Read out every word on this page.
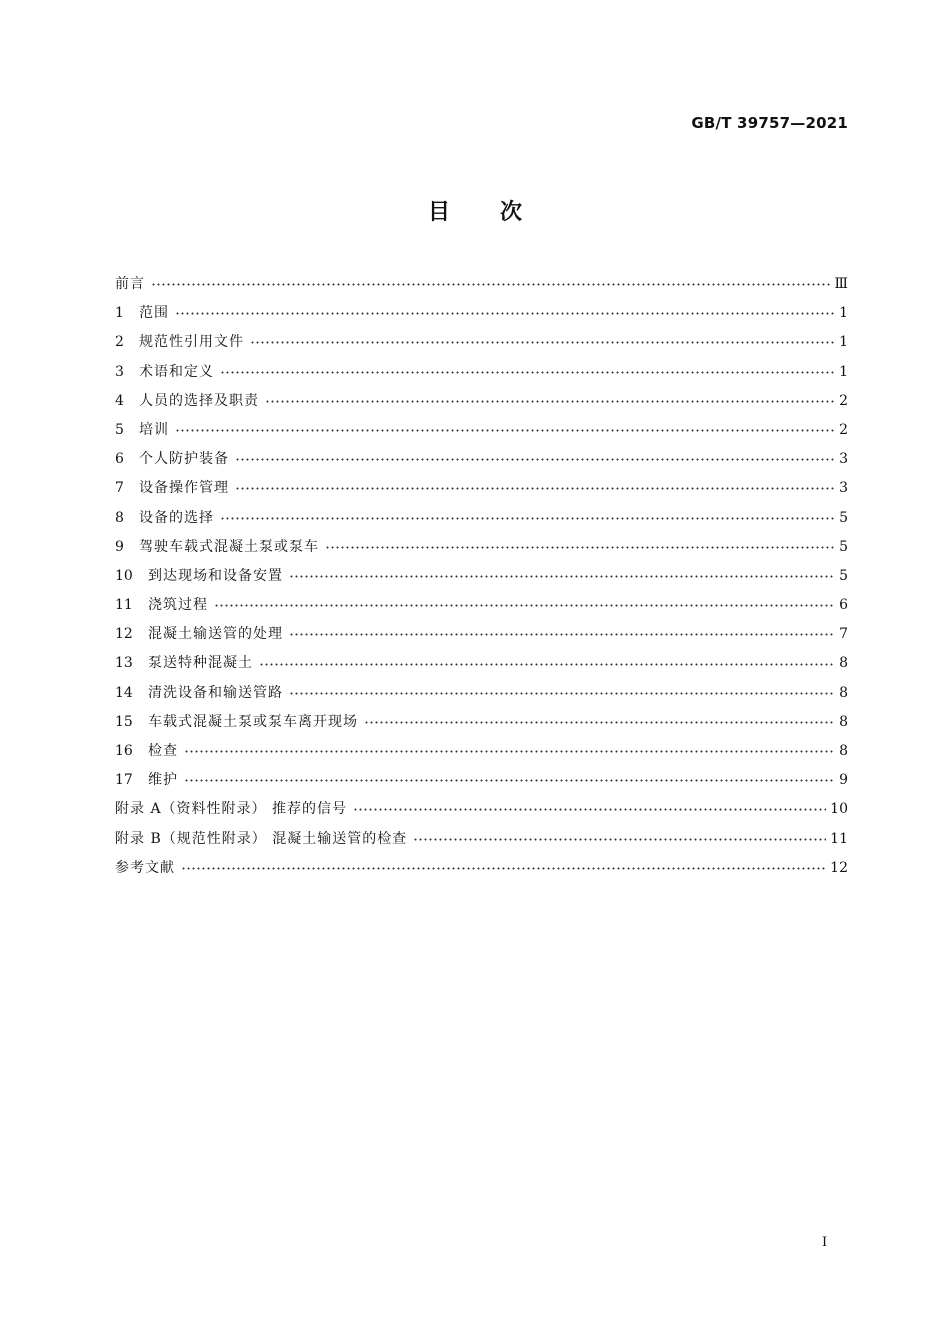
GB/T 39757—2021
目次
前言	Ⅲ
1	范围	1
2	规范性引用文件	1
3	术语和定义	1
4	人员的选择及职责	2
5	培训	2
6	个人防护装备	3
7	设备操作管理	3
8	设备的选择	5
9	驾驶车载式混凝土泵或泵车	5
10	到达现场和设备安置	5
11	浇筑过程	6
12	混凝土输送管的处理	7
13	泵送特种混凝土	8
14	清洗设备和输送管路	8
15	车载式混凝土泵或泵车离开现场	8
16	检查	8
17	维护	9
附录 A（资料性附录） 推荐的信号	10
附录 B（规范性附录） 混凝土输送管的检查	11
参考文献	12
Ⅰ
